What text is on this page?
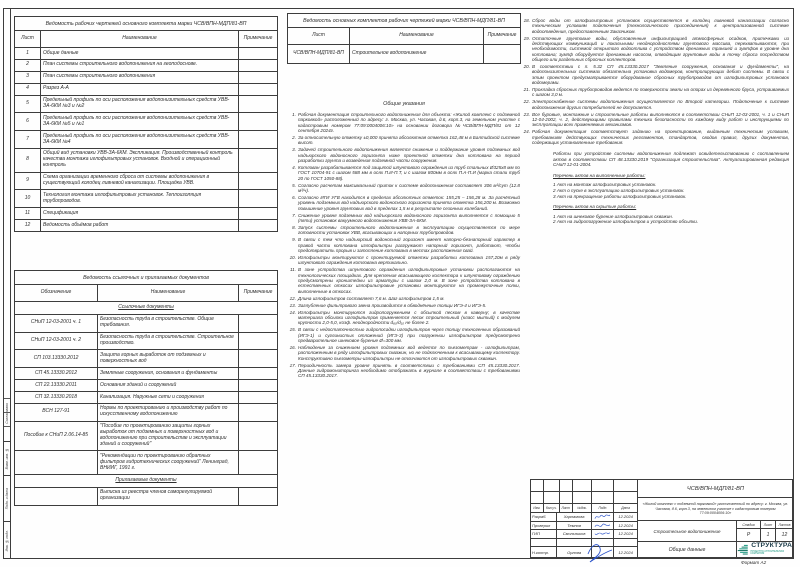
Согласовано
Взам. инв. №
Подп. и дата
Инв. № подл.
Ведомость рабочих чертежей основного комплекта марки ЧСВ/ВПН-МДП/81-ВП		
Лист	Наименование	Примечание
1	Общие данные	
2	План системы строительного водопонижения на геоподоснове.	
3	План системы строительного водопонижения	
4	Разрез А-А	
5	Предельный профиль по оси расположения водопонизительных средств УВВ-ЗА-6КМ №3 и №2	
6	Предельный профиль по оси расположения водопонизительных средств УВВ-ЗА-6КМ №5 и №1	
7	Предельный профиль по оси расположения водопонизительных средств УВВ-ЗА-6КМ №4	
8	Общий вид установки УВВ-ЗА-6КМ. Экспликация. Производственный контроль качества монтажа иглофильтровых установок. Входной и операционный контроль	
9	Схема организации временного сброса от системы водопонижения в существующий колодец ливневой канализации. Площадка УВВ.	
10	Технология монтажа иглофильтровых установок. Теплоизоляция трубопроводов.	
11	Спецификация	
12	Ведомость объёмов работ	
Ведомость ссылочных и прилагаемых документов		
Обозначение	Наименование	Примечание
Ссылочные документы		
СНиП 12-03-2001 ч. 1	Безопасность труда в строительстве. Общие требования.	
СНиП 12-03-2001 ч. 2	Безопасность труда в строительстве. Строительное производство.	
СП 103.13330.2012	Защита горных выработок от подземных и поверхностных вод	
СП 45.13330.2012	Земляные сооружения, основания и фундаменты	
СП 22.13330.2011	Основания зданий и сооружений	
СП 32.13330.2018	Канализация. Наружные сети и сооружения	
ВСН 127-91	Нормы по проектированию и производству работ по искусственному водопонижению	
Пособие к СНиП 2.06.14-85	"Пособие по проектированию защиты горных выработок от подземных и поверхностных вод и водопонижению при строительстве и эксплуатации зданий и сооружений"	
	"Рекомендации по проектированию обратных фильтров гидротехнических сооружений" Ленинград, ВНИИГ, 1991 г.	
Прилагаемые документы		
	Выписка из реестра членов саморегулируемой организации	
Ведомость основных комплектов рабочих чертежей марки ЧСВ/ВПН-МДП/81-ВП		
Лист	Наименование	Примечание
ЧСВ/ВПН-МДП/81-ВП	Строительное водопонижение	
Общие указания
1. Рабочая документация строительного водопонижения для объекта: «Жилой комплекс с подземной парковкой» расположенный по адресу: г. Москва, ул. Часовая, д.6, корп.3, на земельном участке с кадастровым номером 77:09:0004006:10» на основании договора №ЧСВ/ВПН-МДП/81 от 12 сентября 2024г.
2. За относительную отметку ±0,000 принята абсолютная отметка 162,48 м в Балтийской системе высот.
3. Задачей строительного водопонижения является снижение и поддержание уровня подземных вод надъюрского водоносного горизонта ниже проектной отметки дна котлована на период разработки грунта и возведения подземной части сооружения.
4. Котлован разрабатывается под защитой шпунтового ограждения из труб стальных Ø325х8 мм по ГОСТ 10704-91 с шагом 588 мм в осях П.И-П.Т, и с шагом 800мм в осях П.А-П.И (марка стали труб 20 по ГОСТ 1050-88).
5. Согласно расчетам максимальный приток к системе водопонижения составляет 306 м³/сут (12.8 м³/ч).
6. Согласно ИГИ УГВ находится в пределах абсолютных отметок: 155,25 – 156,28 м. За расчётный уровень подземных вод надъюрского водоносного горизонта принята отметка 156,200 м. Возможно повышение уровня грунтовых вод в пределах 1,5 м в результате сезонных колебаний.
7. Снижение уровня подземных вод надъюрского водоносного горизонта выполняется с помощью 5 (пяти) установок вакуумного водопонижения УВВ-ЗА-6КМ.
8. Запуск системы строительного водопонижения в эксплуатацию осуществляется по мере готовности установок УВВ, всасывающих и напорных трубопроводов.
9. В связи с тем что надъюрский водоносный горизонт имеет напорно-безнапорный характер в правой части котлована иглофильтры разгружают напорный горизонт, работают, чтобы предотвратить прорыв и затопление котлована в местах расположения свай.
10. Иглофильтры монтируются с проектируемой отметки разработки котлована 157,20м в ряду шпунтового ограждения котлована вертикально.
11. В зоне устройства шпунтового ограждения иглофильтровые установки располагаются на технологических площадках. Для крепления всасывающего коллектора к шпунтовому ограждению предусмотрены кронштейны из арматуры с шагом 2,0 м. В зоне устройства котлована в естественных откосах иглофильтровые установки монтируются на промежуточные полки, выполненные в откосах.
12. Длина иглофильтров составляет 7,6 м. Шаг иглофильтров 1,5 м.
13. Заглубление фильтрового звена производится в обводнённые толщи ИГЭ-4 и ИГЭ-5.
14. Иглофильтры монтируются гидропогружением с обсыпкой песком в каверну; в качестве материала обсыпки иглофильтров применяется песок строительный (класс мытый) с модулем крупности 2,0-5,0, коэф. неоднородности d₆₀/d₁₀ не более 2.
15. В связи с недостаточностью гидропосадки иглофильтров через толщу техногенных образований (ИГЭ-1) и суглинистых отложений (ИГЭ-3) при погружении иглофильтров предусмотрено предварительное шнековое бурение Ø=300 мм.
16. Наблюдение за снижением уровня подземных вод ведется по пьезометрам - иглофильтрам, расположенным в ряду иглофильтровых скважин, но не подключенным к всасывающему коллектору. Конструктивно пьезометры-иглофильтры не отличаются от иглофильтровых скважин.
17. Периодичность замера уровня принять в соответствии с требованиями СП 45.13330.2017. Данные гидромониторинга необходимо отображать в журнале в соответствии с требованиями СП 45.13330.2017.
18. Сброс воды от иглофильтровых установок осуществляется в колодец ливневой канализации согласно техническим условиям подключения (технологического присоединения) к централизованной системе водоотведения, предоставленным Заказчиком.
19. Остаточные грунтовые воды, обусловленные инфильтрацией атмосферных осадков, притечками из действующих коммуникаций и локальными неоднородностями грунтового массива, перехватываются, при необходимости, системой открытого водоотлива с устройством дренажных траншей и зумпфов в уровне дна котлована; зумпф оборудуется дренажным насосом, отводящим грунтовые воды в точку сброса посредством общего или раздельных сбросных коллекторов.
20. В соответствии с п. 5.32 СП 45.13330.2017 "Земляные сооружения, основания и фундаменты", на водопонизительных системах обязательна установка водомеров, контролирующих дебит системы. В связи с этим проектом предусматривается оборудование сбросных трубопроводов от иглофильтровых установок водомерами.
21. Прокладка сбросных трубопроводов ведется по поверхности земли на опорах из деревянного бруса, устраиваемых с шагом 3,0 м.
22. Электроснабжение системы водопонижения осуществляется по Второй категории. Подключение к системе водопонижения других потребителей не допускается.
23. Все буровые, монтажные и строительные работы выполняются в соответствии СНиП 12-03-2001, ч. 1 и СНиП 12-04-2002, ч. 2, действующими правилами техники безопасности по каждому виду работ и инструкциями по эксплуатации всех применяемых механизмов.
24. Рабочая документация соответствует заданию на проектирование, выданным техническим условиям, требованиям действующих технических регламентов, стандартов, сводов правил, других документов, содержащих установленные требования.

Работы при устройстве системы водопонижения подлежат освидетельствованию с составлением актов в соответствии СП 48.13330.2019 "Организация строительства". Актуализированная редакция СНиП 12-01-2004.

Перечень актов на выполненные работы:

1 Акт на монтаж иглофильтровых установок.
2 Акт о пуске в эксплуатацию иглофильтровых установок.
3 Акт на прекращение работы иглофильтровых установок.

Перечень актов на скрытые работы:

1 Акт на шнековое бурение иглофильтровых скважин.
2 Акт на гидропогружение иглофильтров и устройство обсыпки.
Изм.	Кол.уч.	Лист	№док.	Подп.	Дата
Разраб.	Харламова	12.2024
Проверил	Темнов	12.2024
ГИП	Смольников	12.2024
Н.контр.	Орлова	12.2024
ЧСВ/ВПН-МДП/81-ВП
«Жилой комплекс с подземной парковкой» расположенный по адресу: г. Москва, ул. Часовая, д.6, корп.3, на земельном участке с кадастровым номером 77:09:0004006:10»
Строительное водопонижение
Общие данные
Стадия	Лист	Листов
Р	1	12
СТРУКТУРА
ПРОЕКТНО-СТРОИТЕЛЬНАЯ КОМПАНИЯ
Формат А2
